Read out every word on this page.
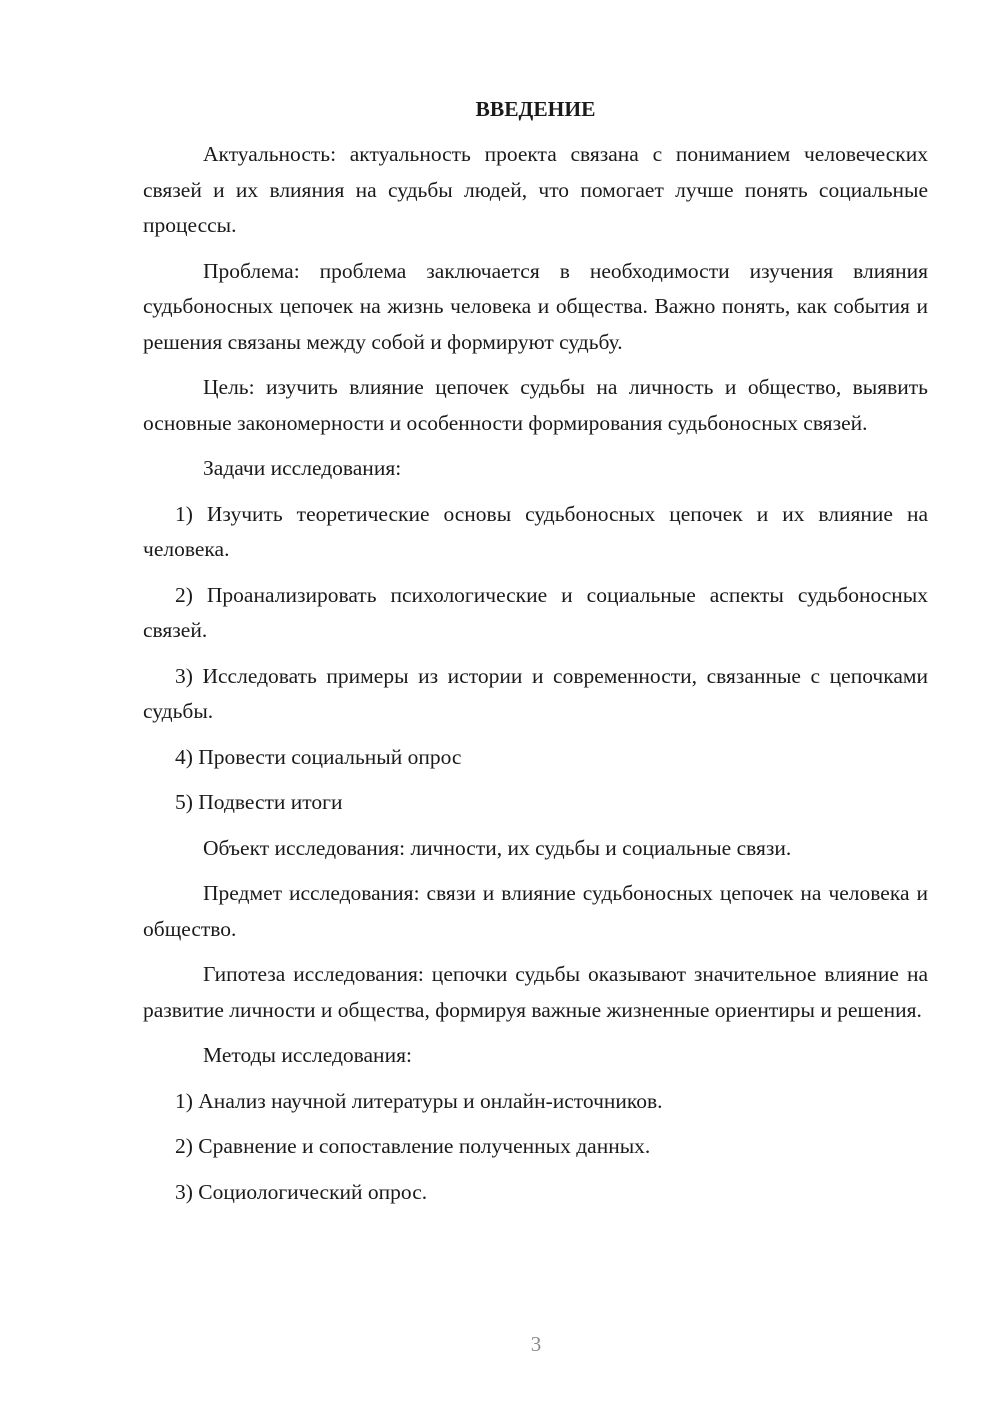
ВВЕДЕНИЕ

Актуальность: актуальность проекта связана с пониманием человеческих связей и их влияния на судьбы людей, что помогает лучше понять социальные процессы.

Проблема: проблема заключается в необходимости изучения влияния судьбоносных цепочек на жизнь человека и общества. Важно понять, как события и решения связаны между собой и формируют судьбу.

Цель: изучить влияние цепочек судьбы на личность и общество, выявить основные закономерности и особенности формирования судьбоносных связей.

Задачи исследования:

1) Изучить теоретические основы судьбоносных цепочек и их влияние на человека.

2) Проанализировать психологические и социальные аспекты судьбоносных связей.

3) Исследовать примеры из истории и современности, связанные с цепочками судьбы.

4) Провести социальный опрос

5) Подвести итоги

Объект исследования: личности, их судьбы и социальные связи.

Предмет исследования: связи и влияние судьбоносных цепочек на человека и общество.

Гипотеза исследования: цепочки судьбы оказывают значительное влияние на развитие личности и общества, формируя важные жизненные ориентиры и решения.

Методы исследования:

1) Анализ научной литературы и онлайн-источников.

2) Сравнение и сопоставление полученных данных.

3) Социологический опрос.

3
